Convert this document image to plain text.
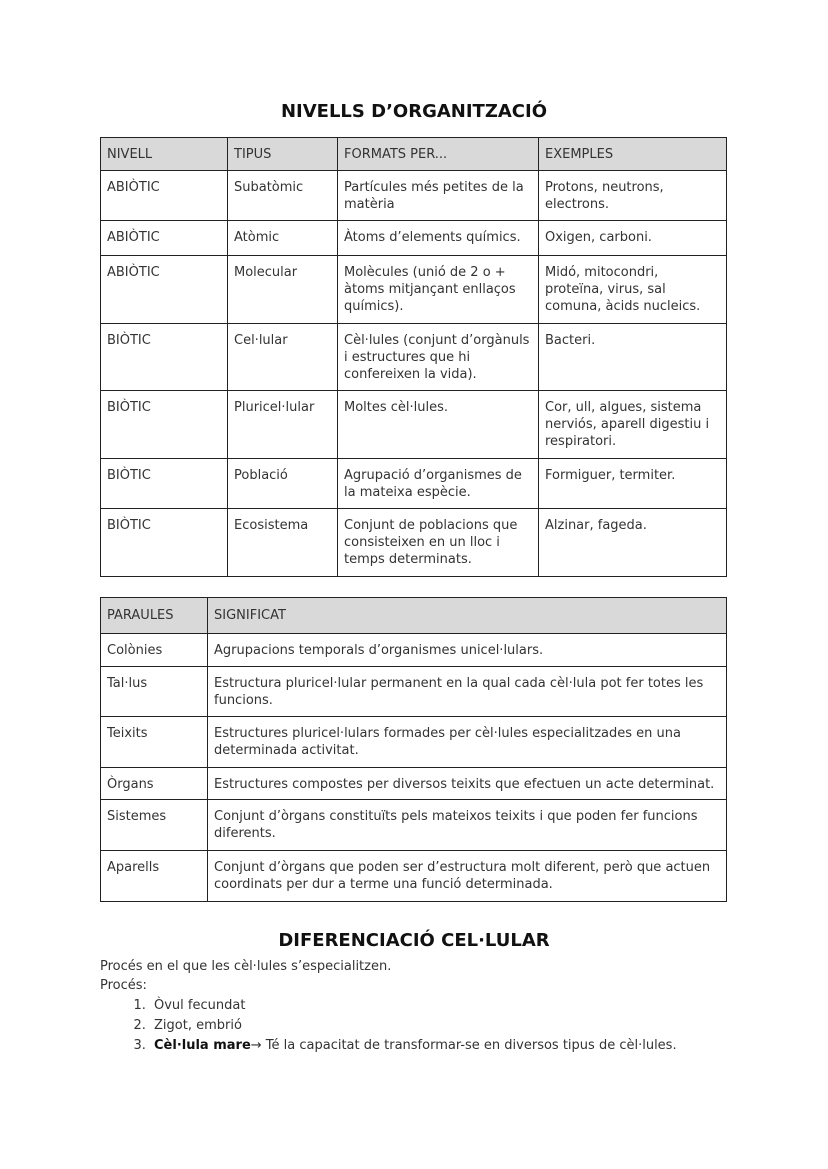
NIVELLS D’ORGANITZACIÓ
NIVELL	TIPUS	FORMATS PER...	EXEMPLES
ABIÒTIC	Subatòmic	Partícules més petites de la matèria	Protons, neutrons, electrons.
ABIÒTIC	Atòmic	Àtoms d’elements químics.	Oxigen, carboni.
ABIÒTIC	Molecular	Molècules (unió de 2 o + àtoms mitjançant enllaços químics).	Midó, mitocondri, proteïna, virus, sal comuna, àcids nucleics.
BIÒTIC	Cel·lular	Cèl·lules (conjunt d’orgànuls i estructures que hi confereixen la vida).	Bacteri.
BIÒTIC	Pluricel·lular	Moltes cèl·lules.	Cor, ull, algues, sistema nerviós, aparell digestiu i respiratori.
BIÒTIC	Població	Agrupació d’organismes de la mateixa espècie.	Formiguer, termiter.
BIÒTIC	Ecosistema	Conjunt de poblacions que consisteixen en un lloc i temps determinats.	Alzinar, fageda.
PARAULES	SIGNIFICAT
Colònies	Agrupacions temporals d’organismes unicel·lulars.
Tal·lus	Estructura pluricel·lular permanent en la qual cada cèl·lula pot fer totes les funcions.
Teixits	Estructures pluricel·lulars formades per cèl·lules especialitzades en una determinada activitat.
Òrgans	Estructures compostes per diversos teixits que efectuen un acte determinat.
Sistemes	Conjunt d’òrgans constituïts pels mateixos teixits i que poden fer funcions diferents.
Aparells	Conjunt d’òrgans que poden ser d’estructura molt diferent, però que actuen coordinats per dur a terme una funció determinada.
DIFERENCIACIÓ CEL·LULAR
Procés en el que les cèl·lules s’especialitzen.
Procés:
1. Òvul fecundat
2. Zigot, embrió
3. Cèl·lula mare→ Té la capacitat de transformar-se en diversos tipus de cèl·lules.
